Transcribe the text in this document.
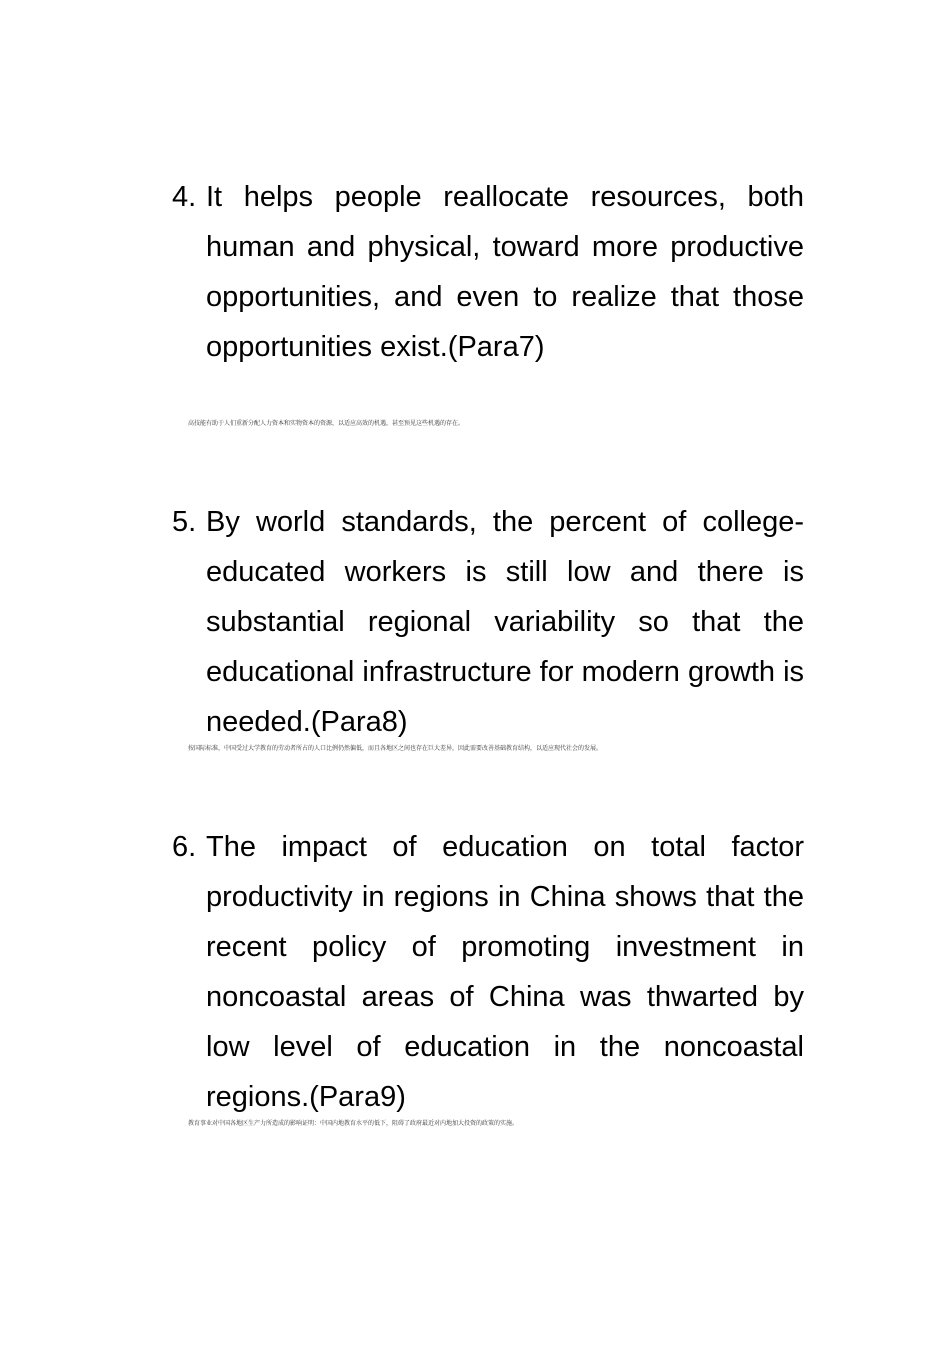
4. It helps people reallocate resources, both human and physical, toward more productive opportunities, and even to realize that those opportunities exist.(Para7)

高技能有助于人们重新分配人力资本和实物资本的资源，以适应高效的机遇，甚至预见这些机遇的存在。

5. By world standards, the percent of college-educated workers is still low and there is substantial regional variability so that the educational infrastructure for modern growth is needed.(Para8)

按国际标准，中国受过大学教育的劳动者所占的人口比例仍然偏低，而且各地区之间也存在巨大差异，因此需要改善基础教育结构，以适应现代社会的发展。

6. The impact of education on total factor productivity in regions in China shows that the recent policy of promoting investment in noncoastal areas of China was thwarted by low level of education in the noncoastal regions.(Para9)

教育事业对中国各地区生产力所造成的影响证明：中国内地教育水平的低下，阻碍了政府最近对内地加大投资的政策的实施。
